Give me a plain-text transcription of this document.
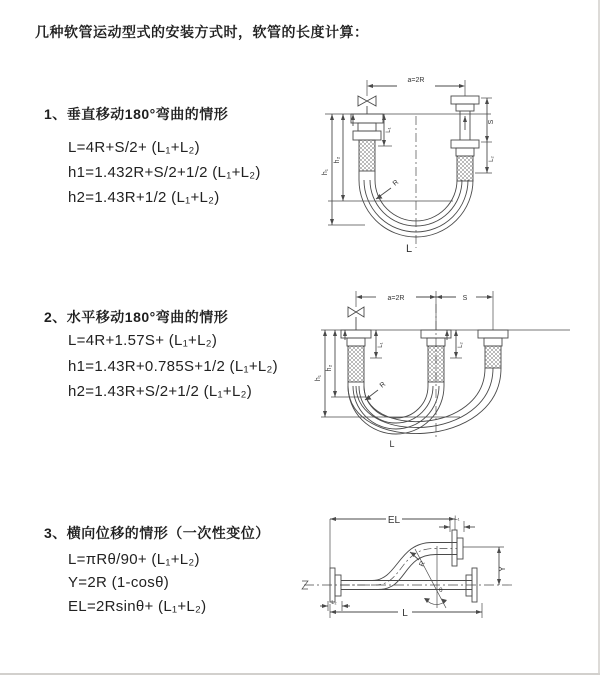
几种软管运动型式的安装方式时，软管的长度计算：
1、垂直移动180°弯曲的情形
L=4R+S/2+ (L₁+L₂)
h1=1.432R+S/2+1/2 (L₁+L₂)
h2=1.43R+1/2 (L₁+L₂)
2、水平移动180°弯曲的情形
L=4R+1.57S+ (L₁+L₂)
h1=1.43R+0.785S+1/2 (L₁+L₂)
h2=1.43R+S/2+1/2 (L₁+L₂)
3、横向位移的情形（一次性变位）
L=πRθ/90+ (L₁+L₂)
Y=2R (1-cosθ)
EL=2Rsinθ+ (L₁+L₂)
a=2R
h₁
h₂
L₁
S
L₂
R
L
a=2R	S
h₁
h₂
L₁	L₂
R
L
EL	L₁
Y
R
θ
L
L₂
